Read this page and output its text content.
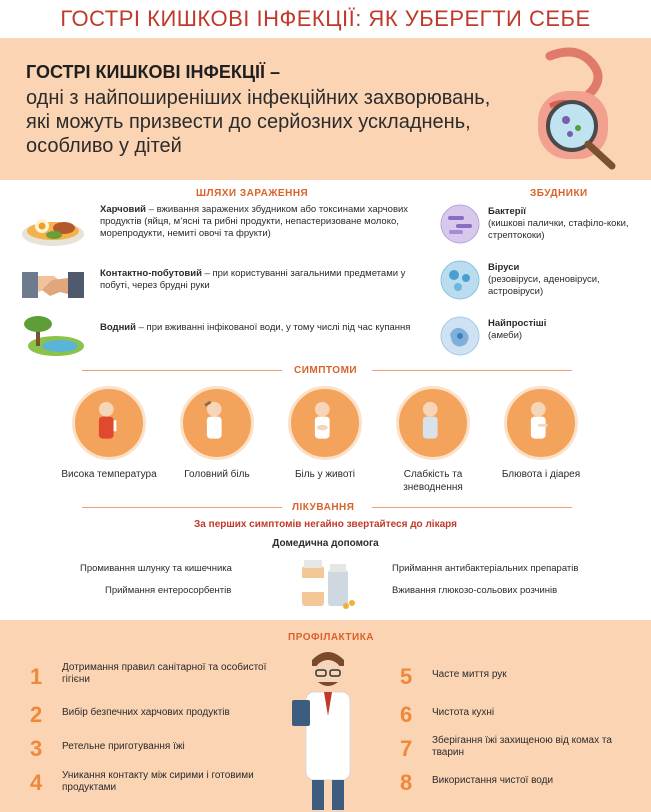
ГОСТРІ КИШКОВІ ІНФЕКЦІЇ: ЯК УБЕРЕГТИ СЕБЕ
ГОСТРІ КИШКОВІ ІНФЕКЦІЇ –
одні з найпоширеніших інфекційних захворювань, які можуть призвести до серйозних ускладнень, особливо у дітей
ШЛЯХИ ЗАРАЖЕННЯ
Харчовий – вживання заражених збудником або токсинами харчових продуктів (яйця, м’ясні та рибні продукти, непастеризоване молоко, морепродукти, немиті овочі та фрукти)
Контактно-побутовий – при користуванні загальними предметами у побуті, через брудні руки
Водний – при вживанні інфікованої води, у тому числі під час купання
ЗБУДНИКИ
Бактерії
(кишкові палички, стафіло-коки, стрептококи)
Віруси
(резовіруси, аденовіруси, астровіруси)
Найпростіші
(амеби)
СИМПТОМИ
Висока температура	Головний біль	Біль у животі	Слабкість та зневоднення
Блювота і діарея
ЛІКУВАННЯ
За перших симптомів негайно звертайтеся до лікаря
Домедична допомога
Промивання шлунку та кишечника
Приймання ентеросорбентів
Приймання антибактеріальних препаратів
Вживання глюкозо-сольових розчинів
ПРОФІЛАКТИКА
1 Дотримання правил санітарної та особистої гігієни
2 Вибір безпечних харчових продуктів
3 Ретельне приготування їжі
4 Уникання контакту між сирими і готовими продуктами
5 Часте миття рук
6 Чистота кухні
7 Зберігання їжі захищеною від комах та тварин
8 Використання чистої води
